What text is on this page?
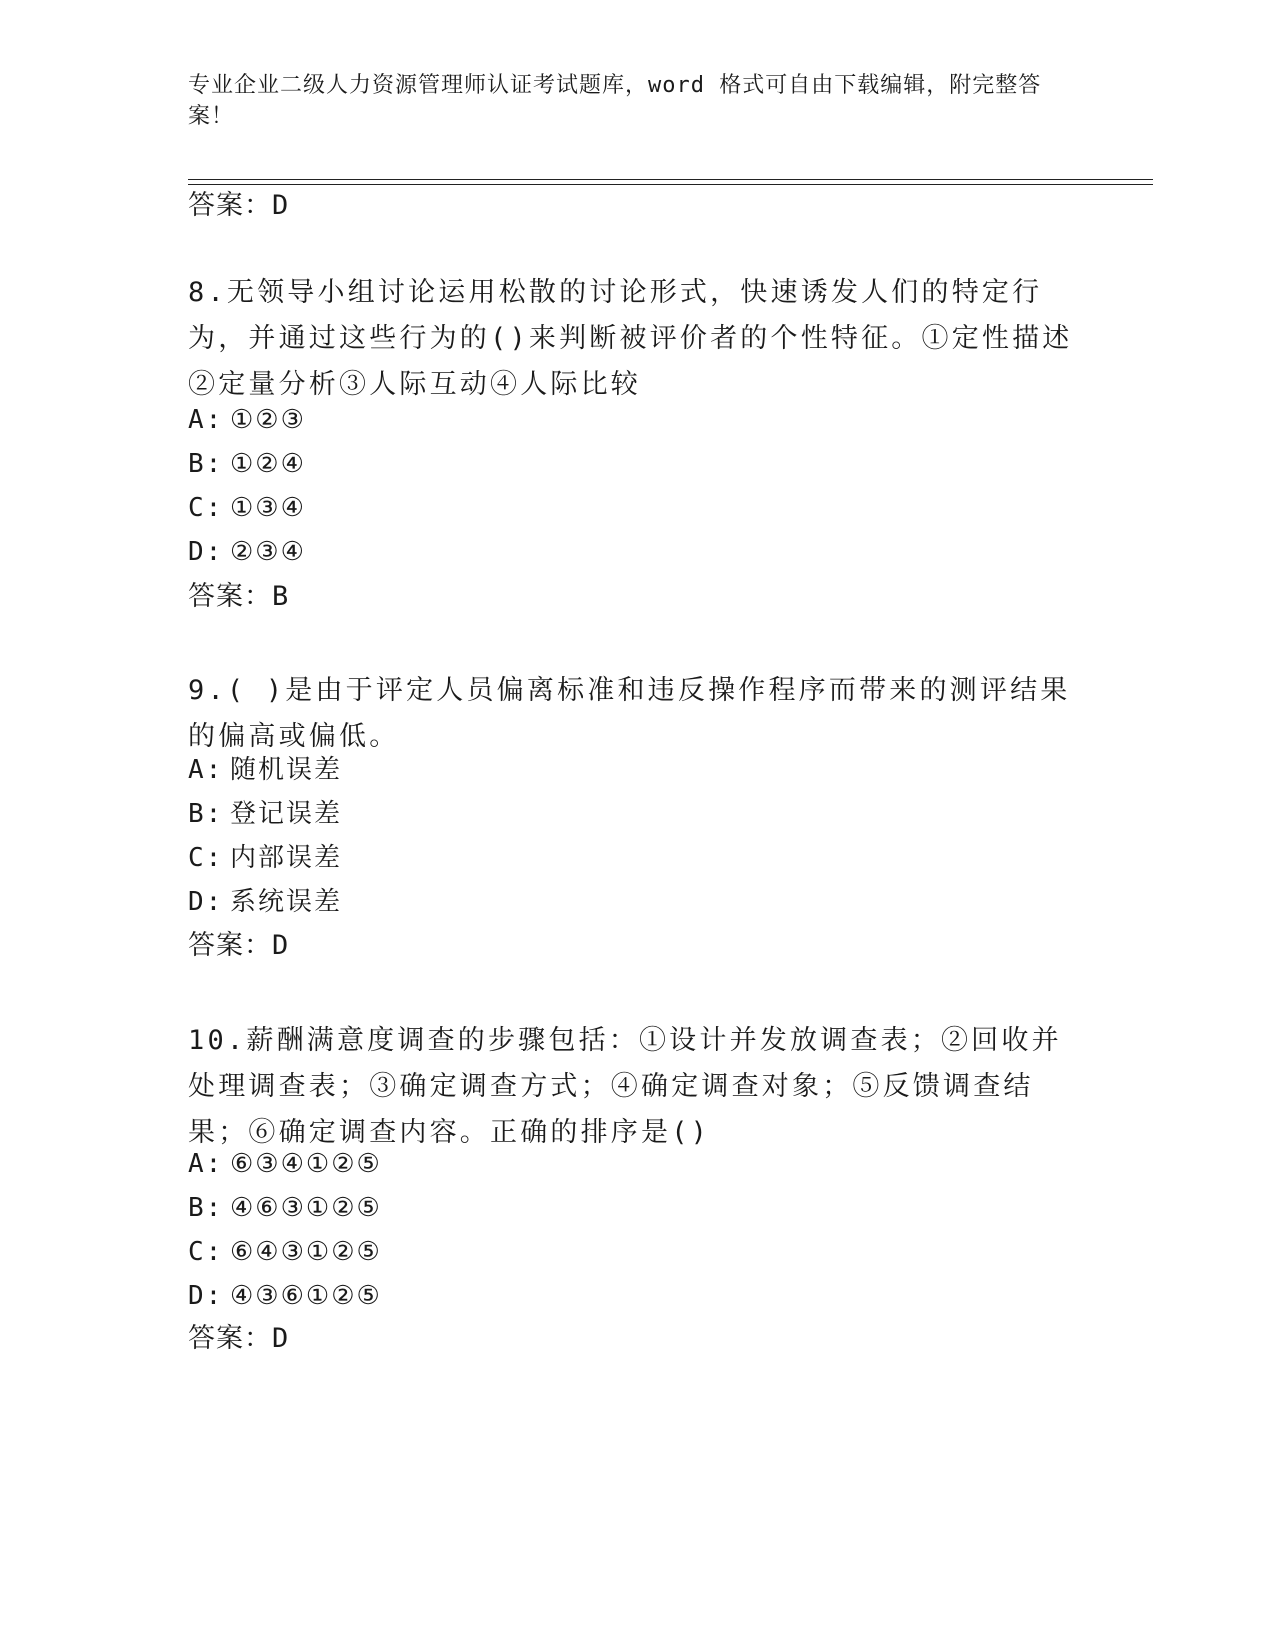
专业企业二级人力资源管理师认证考试题库，word 格式可自由下载编辑，附完整答案！
答案：D
8.无领导小组讨论运用松散的讨论形式，快速诱发人们的特定行为，并通过这些行为的()来判断被评价者的个性特征。①定性描述②定量分析③人际互动④人际比较
A: ①②③
B: ①②④
C: ①③④
D: ②③④
答案：B
9.( )是由于评定人员偏离标准和违反操作程序而带来的测评结果的偏高或偏低。
A: 随机误差
B: 登记误差
C: 内部误差
D: 系统误差
答案：D
10.薪酬满意度调查的步骤包括：①设计并发放调查表；②回收并处理调查表；③确定调查方式；④确定调查对象；⑤反馈调查结果；⑥确定调查内容。正确的排序是()
A: ⑥③④①②⑤
B: ④⑥③①②⑤
C: ⑥④③①②⑤
D: ④③⑥①②⑤
答案：D
